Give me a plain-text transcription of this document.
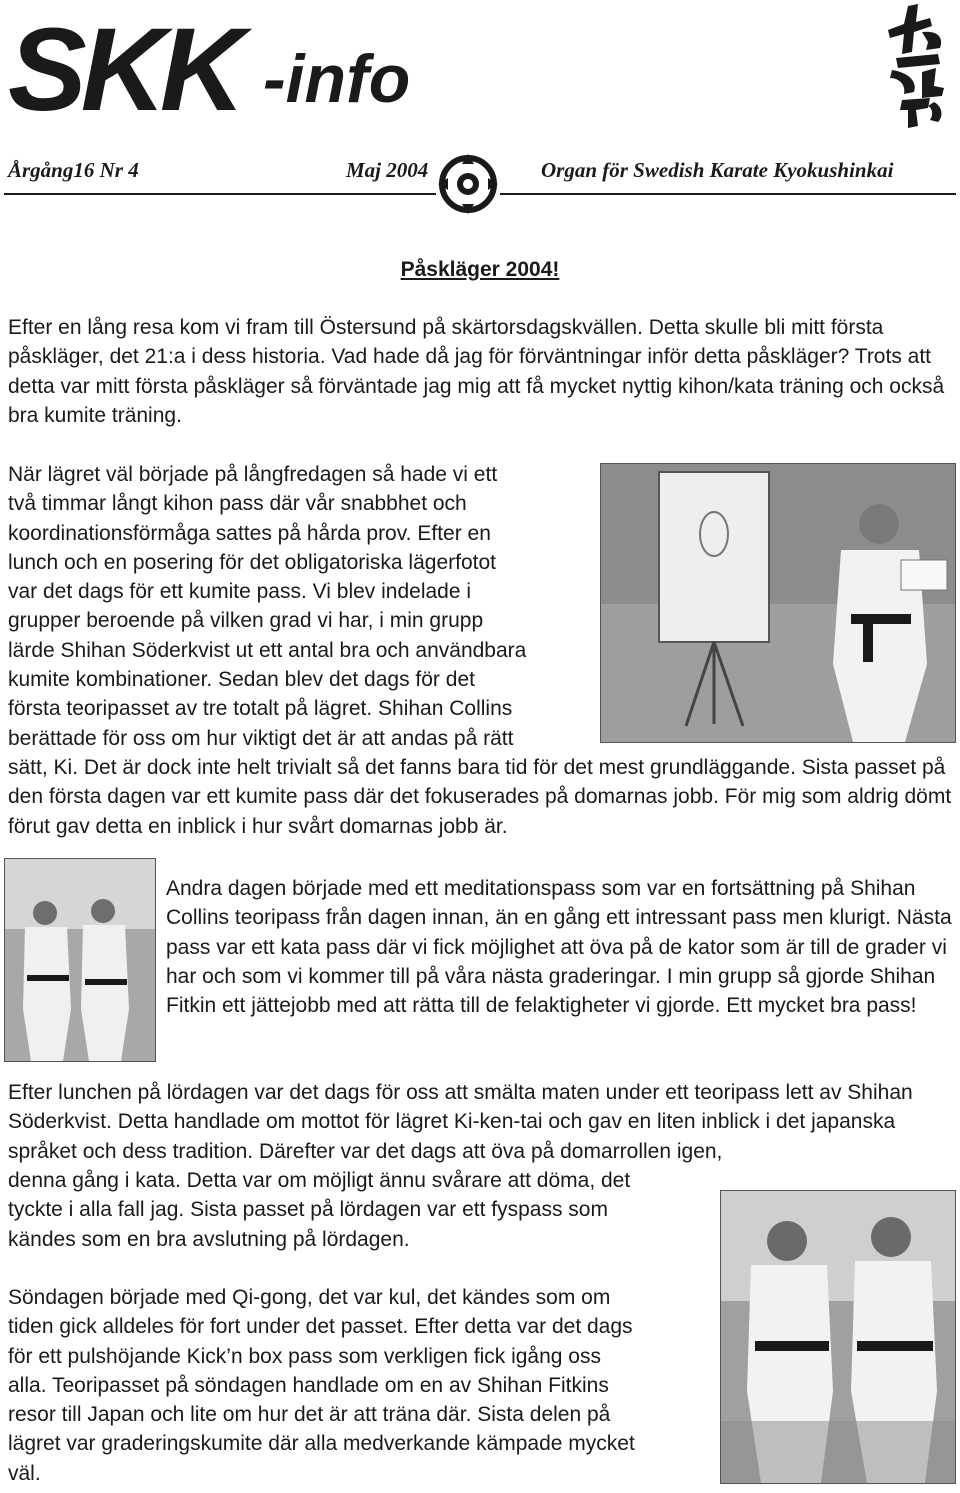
SKK -info
Årgång16 Nr 4	Maj 2004	Organ för Swedish Karate Kyokushinkai
Påskläger 2004!

Efter en lång resa kom vi fram till Östersund på skärtorsdagskvällen. Detta skulle bli mitt första påskläger, det 21:a i dess historia. Vad hade då jag för förväntningar inför detta påskläger? Trots att detta var mitt första påskläger så förväntade jag mig att få mycket nyttig kihon/kata träning och också bra kumite träning.

När lägret väl började på långfredagen så hade vi ett

två timmar långt kihon pass där vår snabbhet och

koordinationsförmåga sattes på hårda prov. Efter en

lunch och en posering för det obligatoriska lägerfotot

var det dags för ett kumite pass. Vi blev indelade i

grupper beroende på vilken grad vi har, i min grupp

lärde Shihan Söderkvist ut ett antal bra och användbara

kumite kombinationer. Sedan blev det dags för det

första teoripasset av tre totalt på lägret. Shihan Collins

berättade för oss om hur viktigt det är att andas på rätt

sätt, Ki. Det är dock inte helt trivialt så det fanns bara tid för det mest grundläggande. Sista passet på den första dagen var ett kumite pass där det fokuserades på domarnas jobb. För mig som aldrig dömt förut gav detta en inblick i hur svårt domarnas jobb är.

Andra dagen började med ett meditationspass som var en fortsättning på Shihan Collins teoripass från dagen innan, än en gång ett intressant pass men klurigt. Nästa pass var ett kata pass där vi fick möjlighet att öva på de kator som är till de grader vi har och som vi kommer till på våra nästa graderingar. I min grupp så gjorde Shihan Fitkin ett jättejobb med att rätta till de felaktigheter vi gjorde. Ett mycket bra pass!

Efter lunchen på lördagen var det dags för oss att smälta maten under ett teoripass lett av Shihan Söderkvist. Detta handlade om mottot för lägret Ki-ken-tai och gav en liten inblick i det japanska språket och dess tradition. Därefter var det dags att öva på domarrollen igen,

denna gång i kata. Detta var om möjligt ännu svårare att döma, det

tyckte i alla fall jag. Sista passet på lördagen var ett fyspass som

kändes som en bra avslutning på lördagen.

Söndagen började med Qi-gong, det var kul, det kändes som om

tiden gick alldeles för fort under det passet. Efter detta var det dags

för ett pulshöjande Kick’n box pass som verkligen fick igång oss

alla. Teoripasset på söndagen handlade om en av Shihan Fitkins

resor till Japan och lite om hur det är att träna där. Sista delen på

lägret var graderingskumite där alla medverkande kämpade mycket

väl.
